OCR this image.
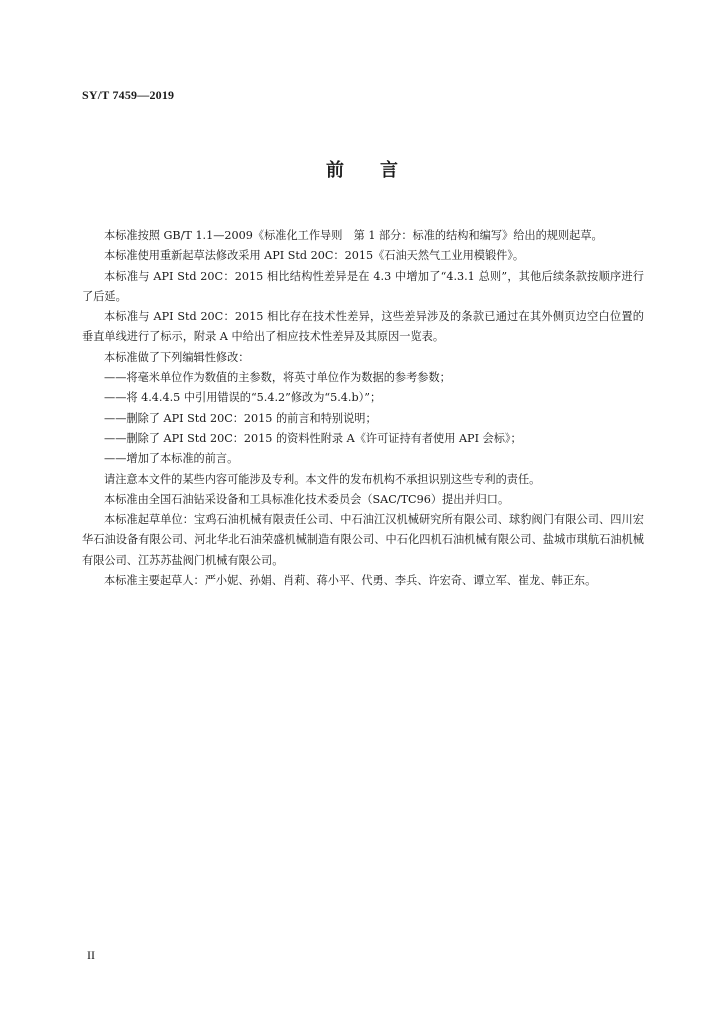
SY/T 7459—2019
前言

本标准按照 GB/T 1.1—2009《标准化工作导则　第 1 部分：标准的结构和编写》给出的规则起草。

本标准使用重新起草法修改采用 API Std 20C：2015《石油天然气工业用模锻件》。

本标准与 API Std 20C：2015 相比结构性差异是在 4.3 中增加了“4.3.1 总则”，其他后续条款按顺序进行了后延。

本标准与 API Std 20C：2015 相比存在技术性差异，这些差异涉及的条款已通过在其外侧页边空白位置的垂直单线进行了标示，附录 A 中给出了相应技术性差异及其原因一览表。

本标准做了下列编辑性修改：

——将毫米单位作为数值的主参数，将英寸单位作为数据的参考参数；

——将 4.4.4.5 中引用错误的“5.4.2”修改为“5.4.b）”；

——删除了 API Std 20C：2015 的前言和特别说明；

——删除了 API Std 20C：2015 的资料性附录 A《许可证持有者使用 API 会标》；

——增加了本标准的前言。

请注意本文件的某些内容可能涉及专利。本文件的发布机构不承担识别这些专利的责任。

本标准由全国石油钻采设备和工具标准化技术委员会（SAC/TC96）提出并归口。

本标准起草单位：宝鸡石油机械有限责任公司、中石油江汉机械研究所有限公司、球豹阀门有限公司、四川宏华石油设备有限公司、河北华北石油荣盛机械制造有限公司、中石化四机石油机械有限公司、盐城市琪航石油机械有限公司、江苏苏盐阀门机械有限公司。

本标准主要起草人：严小妮、孙娟、肖莉、蒋小平、代勇、李兵、许宏奇、谭立军、崔龙、韩正东。

II
